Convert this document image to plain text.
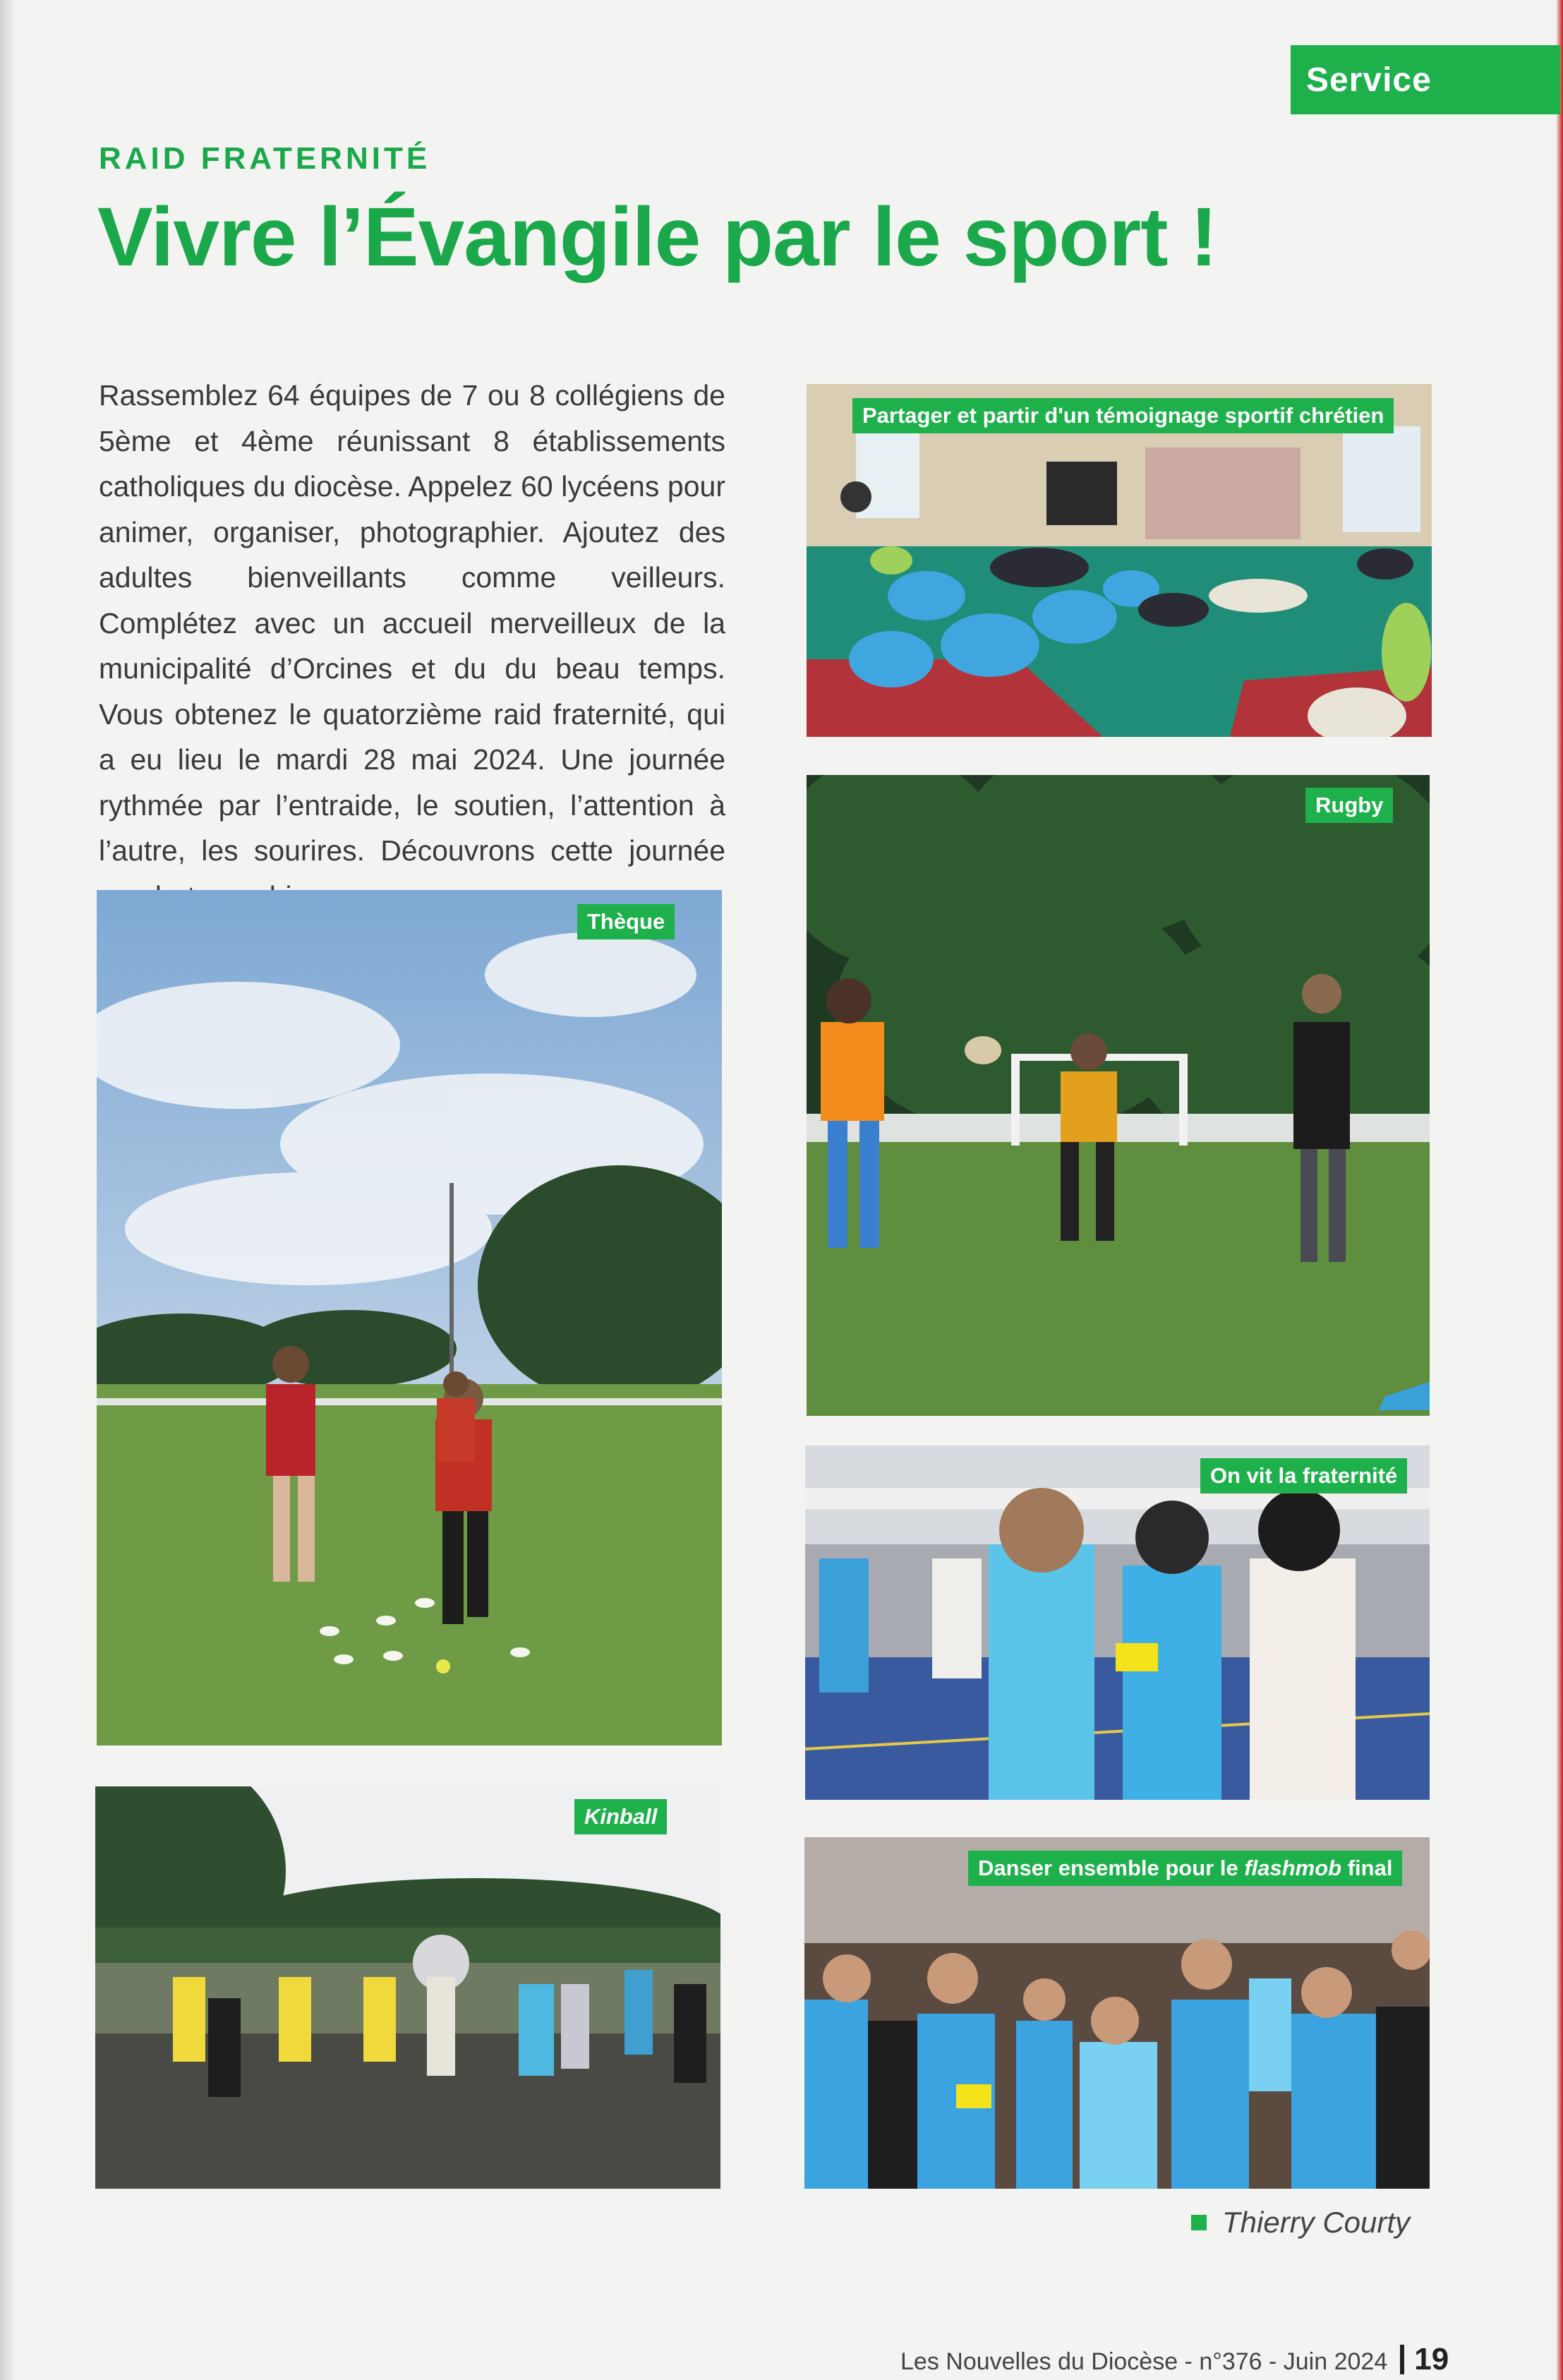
Service
RAID FRATERNITÉ
Vivre l’Évangile par le sport !
Rassemblez 64 équipes de 7 ou 8 collégiens de 5ème et 4ème réunissant 8 établissements catholiques du diocèse. Appelez 60 lycéens pour animer, organiser, photographier. Ajoutez des adultes bienveillants comme veilleurs. Complétez avec un accueil merveilleux de la municipalité d’Orcines et du du beau temps. Vous obtenez le quatorzième raid fraternité, qui a eu lieu le mardi 28 mai 2024. Une journée rythmée par l’entraide, le soutien, l’attention à l’autre, les sourires. Découvrons cette journée
Partager et partir d'un témoignage sportif chrétien
Rugby
Thèque
On vit la fraternité
Kinball
Danser ensemble pour le flashmob final
Thierry Courty
Les Nouvelles du Diocèse - n°376 - Juin 2024 19
